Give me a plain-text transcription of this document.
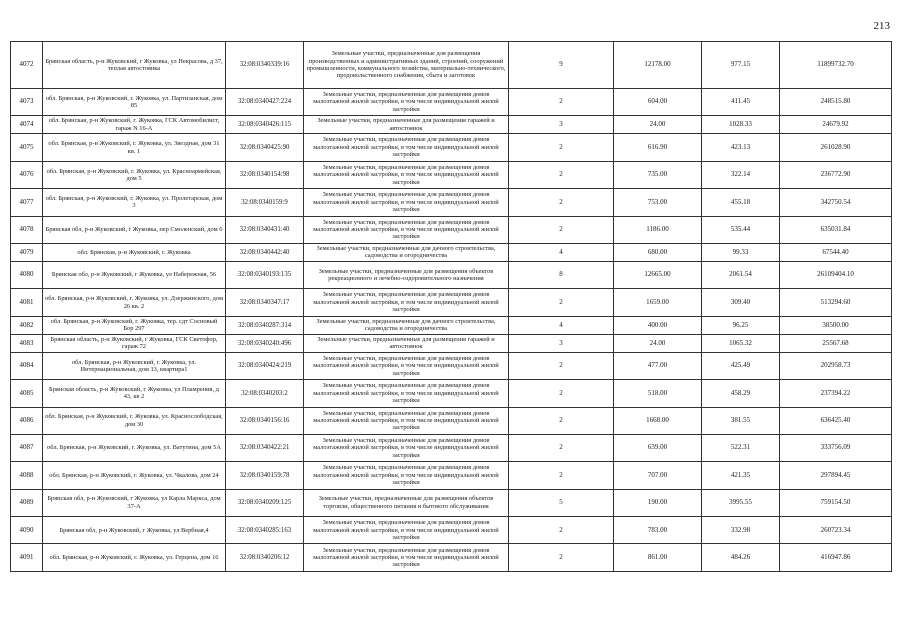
213
4072	Брянская область, р-н Жуковский, г Жуковка, ул Некрасова, д 37, теплая автостоянка	32:08:0340339:16	Земельные участки, предназначенные для размещения производственных и административных зданий, строений, сооружений промышленности, коммунального хозяйства, материально-технического, продовольственного снабжения, сбыта и заготовок	9	12178.00	977.15	11899732.70
4073	обл. Брянская, р-н Жуковский, г. Жуковка, ул. Партизанская, дом 85	32:08:0340427:224	Земельные участки, предназначенные для размещения домов малоэтажной жилой застройки, в том числе индивидуальной жилой застройки	2	604.00	411.45	248515.80
4074	обл. Брянская, р-н Жуковский, г. Жуковка, ГСК Автомобилист, гараж N 16-А	32:08:0340426:115	Земельные участки, предназначенные для размещения гаражей и автостоянок	3	24.00	1028.33	24679.92
4075	обл. Брянская, р-н Жуковский, г. Жуковка, ул. Звездная, дом 31 кв. 1	32:08:0340425:90	Земельные участки, предназначенные для размещения домов малоэтажной жилой застройки, в том числе индивидуальной жилой застройки	2	616.90	423.13	261028.90
4076	обл. Брянская, р-н Жуковский, г. Жуковка, ул. Красноармейская, дом 5	32:08:0340154:98	Земельные участки, предназначенные для размещения домов малоэтажной жилой застройки, в том числе индивидуальной жилой застройки	2	735.00	322.14	236772.90
4077	обл. Брянская, р-н Жуковский, г. Жуковка, ул. Пролетарская, дом 3	32:08:0340159:9	Земельные участки, предназначенные для размещения домов малоэтажной жилой застройки, в том числе индивидуальной жилой застройки	2	753.00	455.18	342750.54
4078	Брянская обл, р-н Жуковский, г Жуковка, пер Смоленский, дом 6	32:08:0340431:40	Земельные участки, предназначенные для размещения домов малоэтажной жилой застройки, в том числе индивидуальной жилой застройки	2	1186.00	535.44	635031.84
4079	обл. Брянская, р-н Жуковский, г. Жуковка	32:08:0340442:40	Земельные участки, предназначенные для дачного строительства, садоводства и огородничества	4	680.00	99.33	67544.40
4080	Брянская обл, р-н Жуковский, г Жуковка, ул Набережная, 56	32:08:0340193:135	Земельные участки, предназначенные для размещения объектов рекреационного и лечебно-оздоровительного назначения	8	12665.00	2061.54	26109404.10
4081	обл. Брянская, р-н Жуковский, г. Жуковка, ул. Дзержинского, дом 26 кв. 2	32:08:0340347:17	Земельные участки, предназначенные для размещения домов малоэтажной жилой застройки, в том числе индивидуальной жилой застройки	2	1659.00	309.40	513294.60
4082	обл. Брянская, р-н Жуковский, г. Жуковка, тер. сдт Сосновый Бор 297	32:08:0340287:314	Земельные участки, предназначенные для дачного строительства, садоводства и огородничества	4	400.00	96.25	38500.00
4083	Брянская область, р-н Жуковский, г Жуковка, ГСК Светофор, гараж 72	32:08:0340240:496	Земельные участки, предназначенные для размещения гаражей и автостоянок	3	24.00	1065.32	25567.68
4084	обл. Брянская, р-н Жуковский, г. Жуковка, ул. Интернациональная, дом 13, квартира1	32:08:0340424:219	Земельные участки, предназначенные для размещения домов малоэтажной жилой застройки, в том числе индивидуальной жилой застройки	2	477.00	425.49	202958.73
4085	Брянская область, р-н Жуковский, г Жуковка, ул Пламрения, д 43, кв 2	32:08:0340203:2	Земельные участки, предназначенные для размещения домов малоэтажной жилой застройки, в том числе индивидуальной жилой застройки	2	518.00	458.29	237394.22
4086	обл. Брянская, р-н Жуковский, г. Жуковка, ул. Краснослободская, дом 30	32:08:0340156:16	Земельные участки, предназначенные для размещения домов малоэтажной жилой застройки, в том числе индивидуальной жилой застройки	2	1668.00	381.55	636425.40
4087	обл. Брянская, р-н Жуковский, г. Жуковка, ул. Ватутина, дом 5А	32:08:0340422:21	Земельные участки, предназначенные для размещения домов малоэтажной жилой застройки, в том числе индивидуальной жилой застройки	2	639.00	522.31	333756.09
4088	обл. Брянская, р-н Жуковский, г. Жуковка, ул. Чкалова, дом 24	32:08:0340159:78	Земельные участки, предназначенные для размещения домов малоэтажной жилой застройки, в том числе индивидуальной жилой застройки	2	707.00	421.35	297894.45
4089	Брянская обл, р-н Жуковский, г Жуковка, ул Карла Маркса, дом 37-А	32:08:0340209:125	Земельные участки, предназначенные для размещения объектов торговли, общественного питания и бытового обслуживания	5	190.00	3995.55	759154.50
4090	Брянская обл, р-н Жуковский, г Жуковка, ул Вербная,4	32:08:0340285:163	Земельные участки, предназначенные для размещения домов малоэтажной жилой застройки, в том числе индивидуальной жилой застройки	2	783.00	332.98	260723.34
4091	обл. Брянская, р-н Жуковский, г. Жуковка, ул. Герцена, дом 16	32:08:0340206:12	Земельные участки, предназначенные для размещения домов малоэтажной жилой застройки, в том числе индивидуальной жилой застройки	2	861.00	484.26	416947.86
